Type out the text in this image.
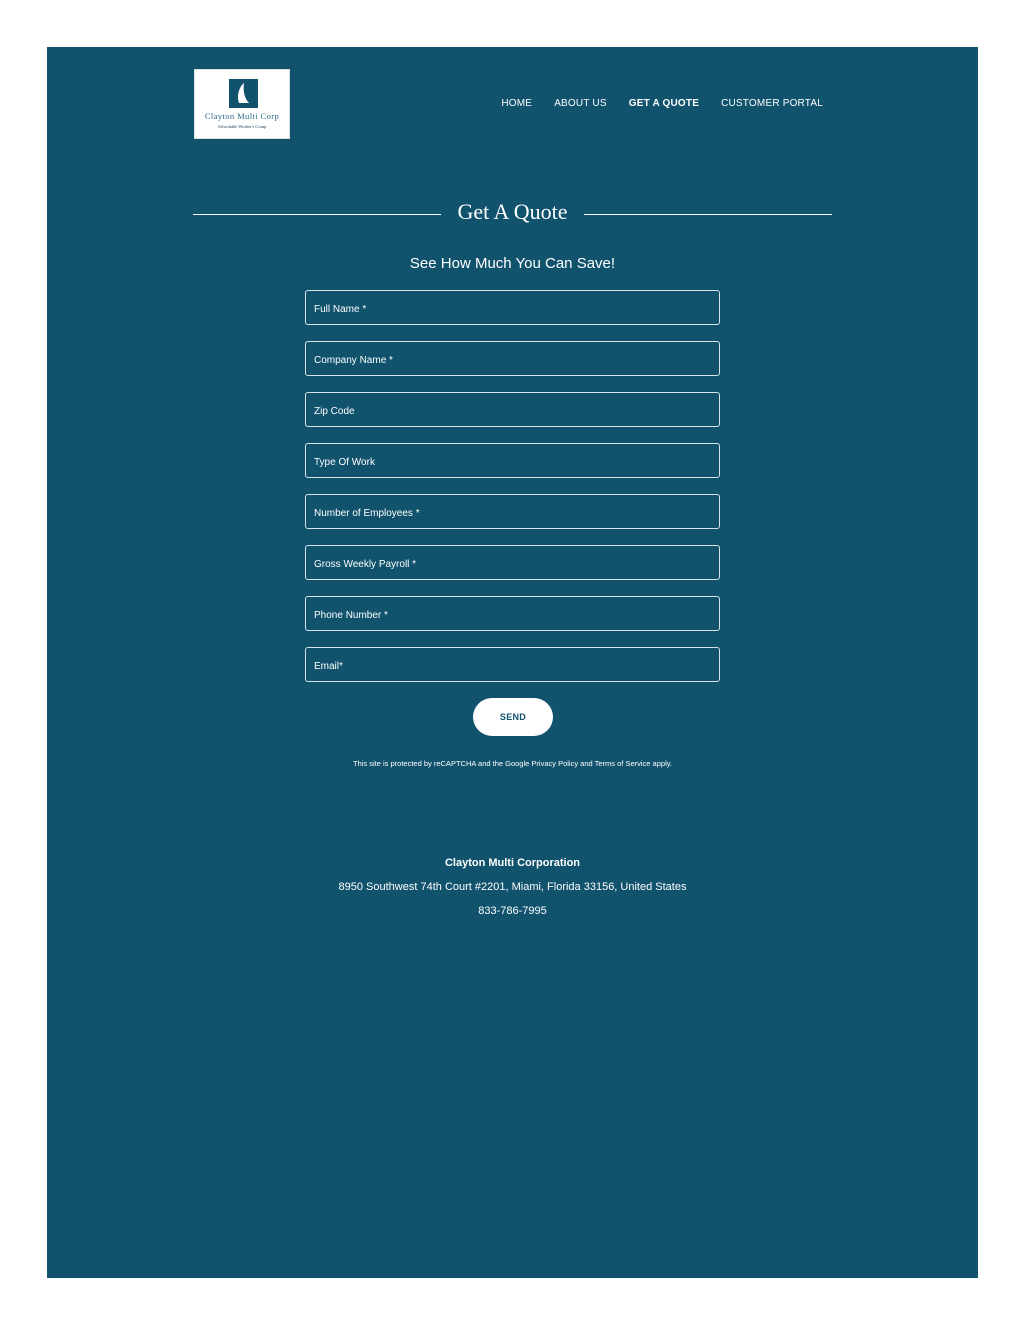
Clayton Multi Corp
Affordable Worker's Comp
HOME ABOUT US GET A QUOTE CUSTOMER PORTAL
Get A Quote
See How Much You Can Save!
Full Name *
Company Name *
Zip Code
Type Of Work
Number of Employees *
Gross Weekly Payroll *
Phone Number *
Email*
SEND
This site is protected by reCAPTCHA and the Google Privacy Policy and Terms of Service apply.

Clayton Multi Corporation

8950 Southwest 74th Court #2201, Miami, Florida 33156, United States

833-786-7995
